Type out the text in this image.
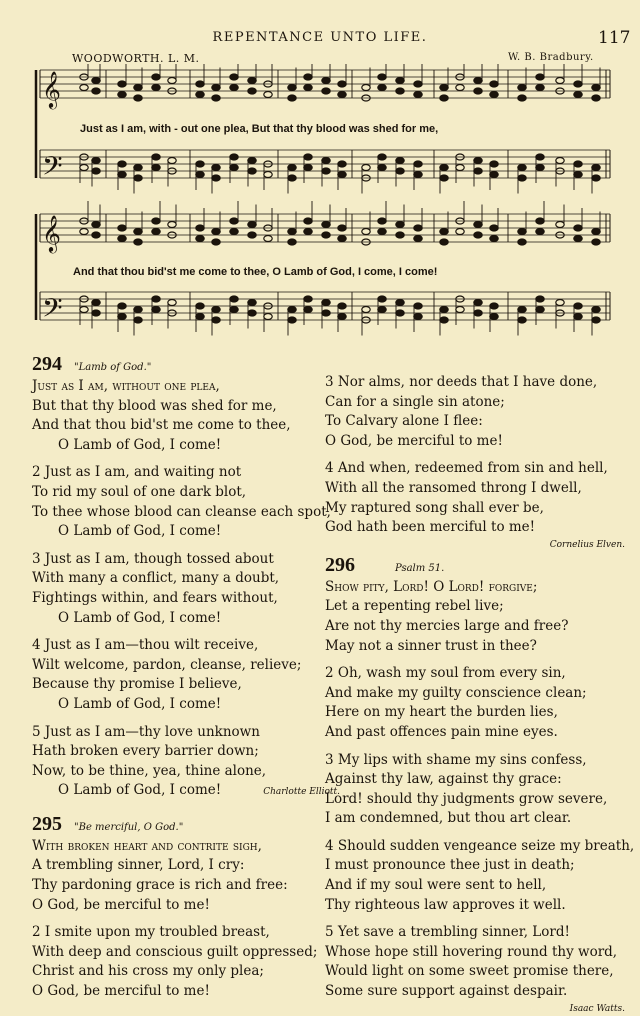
REPENTANCE UNTO LIFE.	117
WOODWORTH. L. M.	W. B. Bradbury.
𝄞
𝄢
𝄞
𝄢
Just as I am, with - out one plea, But that thy blood was shed for me,
And that thou bid'st me come to thee, O Lamb of God, I come, I come!
294 "Lamb of God."
Just as I am, without one plea,
But that thy blood was shed for me,
And that thou bid'st me come to thee,
O Lamb of God, I come!
2 Just as I am, and waiting not
To rid my soul of one dark blot,
To thee whose blood can cleanse each spot,
O Lamb of God, I come!
3 Just as I am, though tossed about
With many a conflict, many a doubt,
Fightings within, and fears without,
O Lamb of God, I come!
4 Just as I am—thou wilt receive,
Wilt welcome, pardon, cleanse, relieve;
Because thy promise I believe,
O Lamb of God, I come!
5 Just as I am—thy love unknown
Hath broken every barrier down;
Now, to be thine, yea, thine alone,
O Lamb of God, I come!	Charlotte Elliott.
295 "Be merciful, O God."
With broken heart and contrite sigh,
A trembling sinner, Lord, I cry:
Thy pardoning grace is rich and free:
O God, be merciful to me!
2 I smite upon my troubled breast,
With deep and conscious guilt oppressed;
Christ and his cross my only plea;
O God, be merciful to me!
3 Nor alms, nor deeds that I have done,
Can for a single sin atone;
To Calvary alone I flee:
O God, be merciful to me!
4 And when, redeemed from sin and hell,
With all the ransomed throng I dwell,
My raptured song shall ever be,
God hath been merciful to me!
Cornelius Elven.
296	Psalm 51.
Show pity, Lord! O Lord! forgive;
Let a repenting rebel live;
Are not thy mercies large and free?
May not a sinner trust in thee?
2 Oh, wash my soul from every sin,
And make my guilty conscience clean;
Here on my heart the burden lies,
And past offences pain mine eyes.
3 My lips with shame my sins confess,
Against thy law, against thy grace:
Lord! should thy judgments grow severe,
I am condemned, but thou art clear.
4 Should sudden vengeance seize my breath,
I must pronounce thee just in death;
And if my soul were sent to hell,
Thy righteous law approves it well.
5 Yet save a trembling sinner, Lord!
Whose hope still hovering round thy word,
Would light on some sweet promise there,
Some sure support against despair.
Isaac Watts.
